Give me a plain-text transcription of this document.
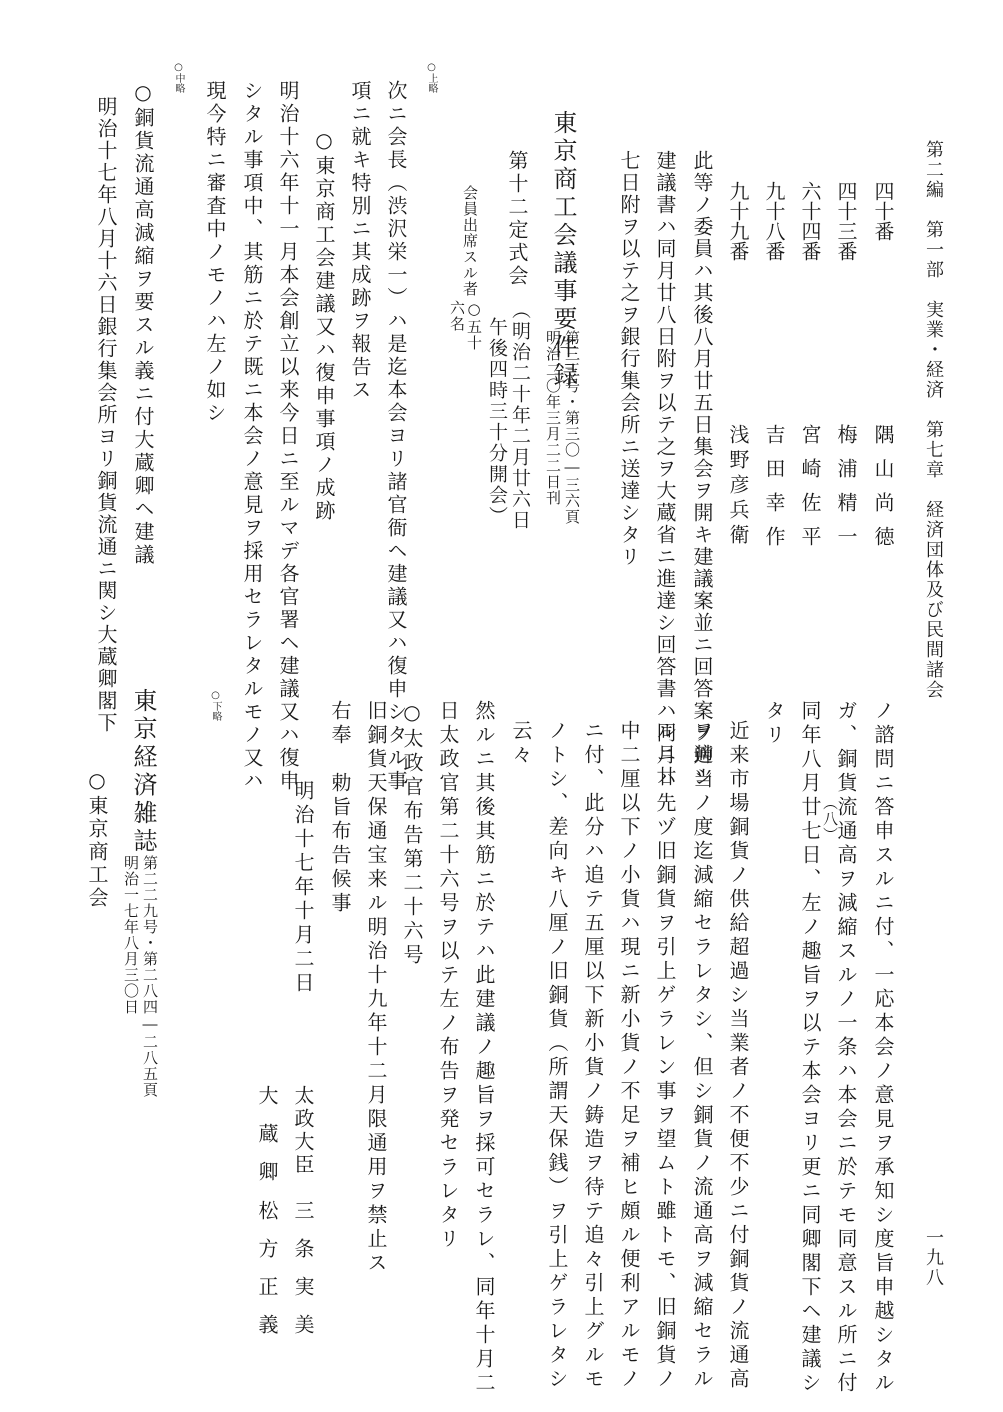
第二編　第一部　実業・経済　第七章　経済団体及び民間諸会
一九八
四十番
隅山尚徳
四十三番
梅浦精一
六十四番
宮崎佐平
九十八番
吉田幸作
九十九番
浅野彦兵衛
此等ノ委員ハ其後八月廿五日集会ヲ開キ建議案並ニ回答案ヲ艸シ
建議書ハ同月廿八日附ヲ以テ之ヲ大蔵省ニ進達シ回答書ハ同月廿
七日附ヲ以テ之ヲ銀行集会所ニ送達シタリ
東京商工会議事要件録
第三三号・第三〇―三六頁
明治二〇年三月二二日刊
第十二定式会
（明治二十年二月廿六日
午後四時三十分開会）
会員出席スル者
○五十
六名
○上略
次ニ会長（渋沢栄一）ハ是迄本会ヨリ諸官衙ヘ建議又ハ復申シタル事
項ニ就キ特別ニ其成跡ヲ報告ス
○東京商工会建議又ハ復申事項ノ成跡
明治十六年十一月本会創立以来今日ニ至ルマデ各官署ヘ建議又ハ復申
シタル事項中、其筋ニ於テ既ニ本会ノ意見ヲ採用セラレタルモノ又ハ
現今特ニ審査中ノモノハ左ノ如シ
○中略
○銅貨流通高減縮ヲ要スル義ニ付大蔵卿ヘ建議
明治十七年八月十六日銀行集会所ヨリ銅貨流通ニ関シ大蔵卿閣下
ノ諮問ニ答申スルニ付、一応本会ノ意見ヲ承知シ度旨申越シタル
ガ、銅貨流通高ヲ減縮スルノ一条ハ本会ニ於テモ同意スル所ニ付
同年八月廿七日、左ノ趣旨ヲ以テ本会ヨリ更ニ同卿閣下ヘ建議シ （八）
タリ
近来市場銅貨ノ供給超過シ当業者ノ不便不少ニ付銅貨ノ流通高
ヲ適当ノ度迄減縮セラレタシ、但シ銅貨ノ流通高ヲ減縮セラル
ルニハ先ヅ旧銅貨ヲ引上ゲラレン事ヲ望ムト雖トモ、旧銅貨ノ
中二厘以下ノ小貨ハ現ニ新小貨ノ不足ヲ補ヒ頗ル便利アルモノ
ニ付、此分ハ追テ五厘以下新小貨ノ鋳造ヲ待テ追々引上グルモ
ノトシ、差向キ八厘ノ旧銅貨（所謂天保銭）ヲ引上ゲラレタシ
云々
然ルニ其後其筋ニ於テハ此建議ノ趣旨ヲ採可セラレ、同年十月二
日太政官第二十六号ヲ以テ左ノ布告ヲ発セラレタリ
○太政官布告第二十六号
旧銅貨天保通宝来ル明治十九年十二月限通用ヲ禁止ス
右奉　勅旨布告候事
明治十七年十月二日
太政大臣
三条実美
大蔵卿
松方正義
○下略
東京経済雑誌
第二二九号・第二八四―二八五頁
明治一七年八月三〇日
○東京商工会
